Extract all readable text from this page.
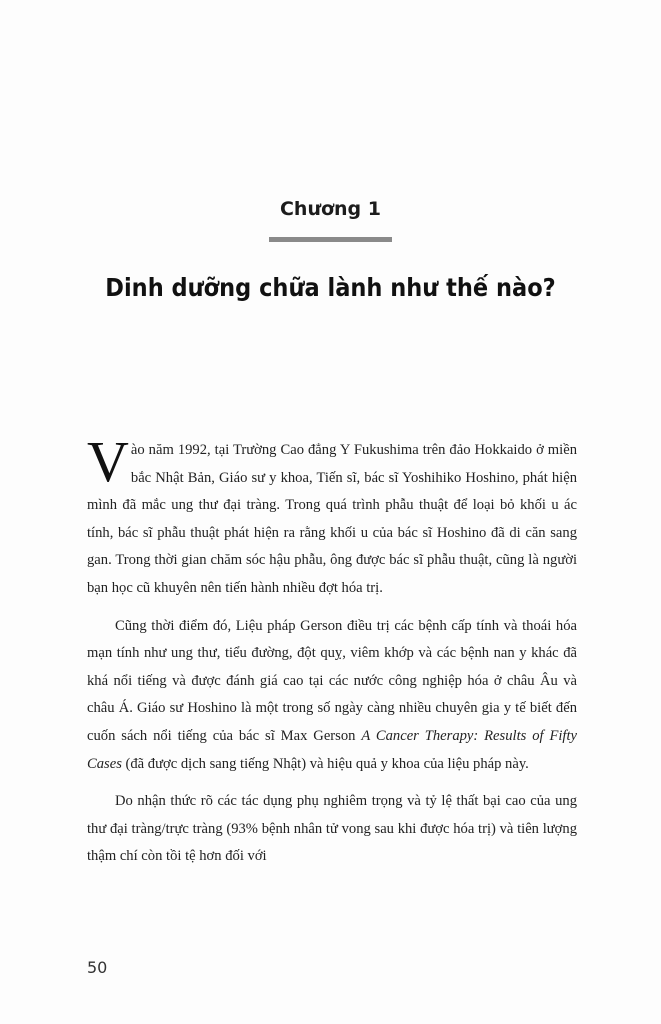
Chương 1
Dinh dưỡng chữa lành như thế nào?

Vào năm 1992, tại Trường Cao đẳng Y Fukushima trên đảo Hokkaido ở miền bắc Nhật Bản, Giáo sư y khoa, Tiến sĩ, bác sĩ Yoshihiko Hoshino, phát hiện mình đã mắc ung thư đại tràng. Trong quá trình phẫu thuật để loại bỏ khối u ác tính, bác sĩ phẫu thuật phát hiện ra rằng khối u của bác sĩ Hoshino đã di căn sang gan. Trong thời gian chăm sóc hậu phẫu, ông được bác sĩ phẫu thuật, cũng là người bạn học cũ khuyên nên tiến hành nhiều đợt hóa trị.

Cũng thời điểm đó, Liệu pháp Gerson điều trị các bệnh cấp tính và thoái hóa mạn tính như ung thư, tiểu đường, đột quỵ, viêm khớp và các bệnh nan y khác đã khá nổi tiếng và được đánh giá cao tại các nước công nghiệp hóa ở châu Âu và châu Á. Giáo sư Hoshino là một trong số ngày càng nhiều chuyên gia y tế biết đến cuốn sách nổi tiếng của bác sĩ Max Gerson A Cancer Therapy: Results of Fifty Cases (đã được dịch sang tiếng Nhật) và hiệu quả y khoa của liệu pháp này.

Do nhận thức rõ các tác dụng phụ nghiêm trọng và tỷ lệ thất bại cao của ung thư đại tràng/trực tràng (93% bệnh nhân tử vong sau khi được hóa trị) và tiên lượng thậm chí còn tồi tệ hơn đối với

50
